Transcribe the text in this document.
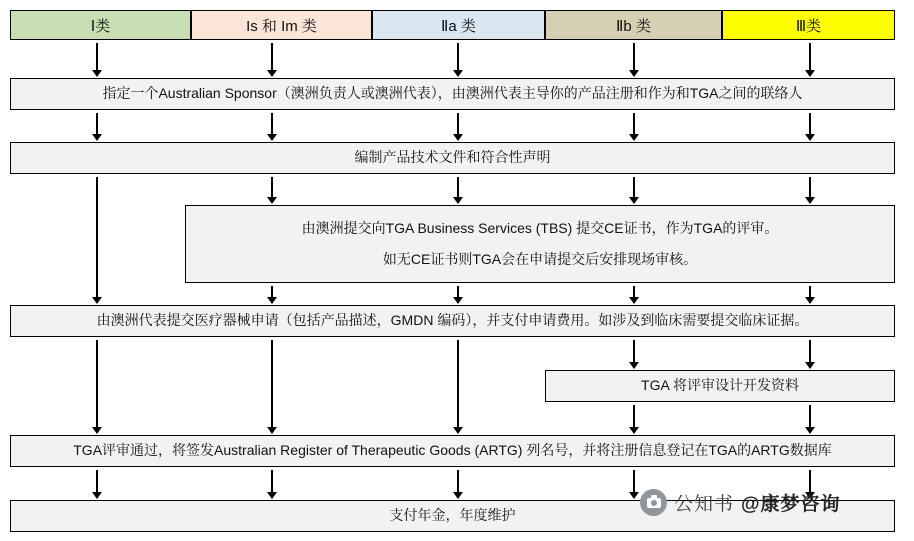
Ⅰ类	Is 和 Im 类	Ⅱa 类	Ⅱb 类	Ⅲ类
指定一个Australian Sponsor（澳洲负责人或澳洲代表），由澳洲代表主导你的产品注册和作为和TGA之间的联络人
编制产品技术文件和符合性声明
由澳洲提交向TGA Business Services (TBS) 提交CE证书，作为TGA的评审。
如无CE证书则TGA会在申请提交后安排现场审核。
由澳洲代表提交医疗器械申请（包括产品描述，GMDN 编码），并支付申请费用。如涉及到临床需要提交临床证据。
TGA 将评审设计开发资料
TGA评审通过，将签发Australian Register of Therapeutic Goods (ARTG) 列名号，并将注册信息登记在TGA的ARTG数据库
支付年金，年度维护
公知书 @康梦咨询
